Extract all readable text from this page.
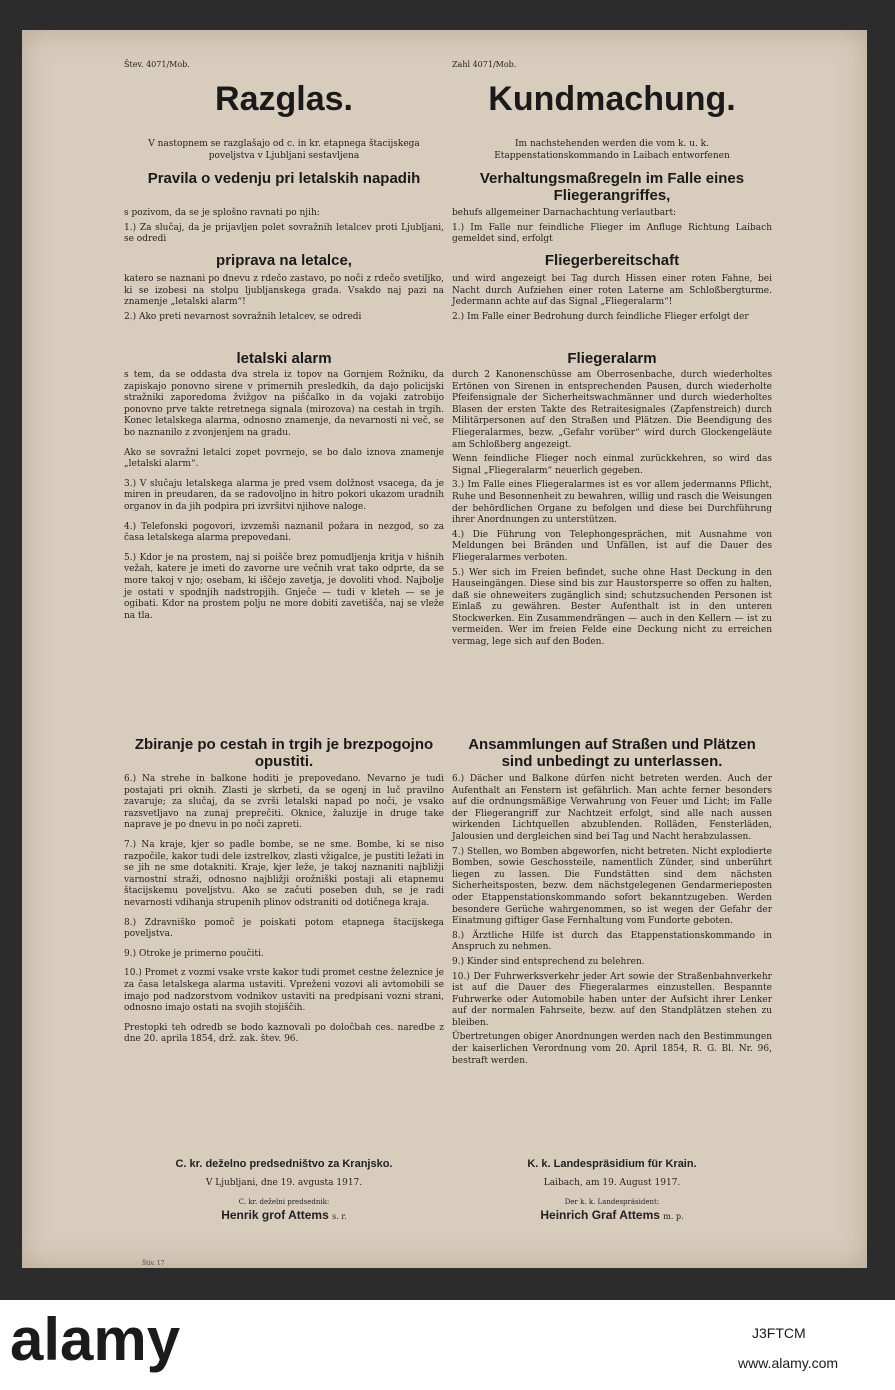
Štev. 4071/Mob.
Razglas.
V nastopnem se razglašajo od c. in kr. etapnega štacijskega poveljstva v Ljubljani sestavljena
Pravila o vedenju pri letalskih napadih

s pozivom, da se je splošno ravnati po njih:

1.) Za slučaj, da je prijavljen polet sovražnih letalcev proti Ljubljani, se odredi

priprava na letalce,

katero se naznani po dnevu z rdečo zastavo, po noči z rdečo svetiljko, ki se izobesi na stolpu ljubljanskega grada. Vsakdo naj pazi na znamenje „letalski alarm“!

2.) Ako preti nevarnost sovražnih letalcev, se odredi

letalski alarm

s tem, da se oddasta dva strela iz topov na Gornjem Rožniku, da zapiskajo ponovno sirene v primernih presledkih, da dajo policijski stražniki zaporedoma žvižgov na piščalko in da vojaki zatrobijo ponovno prve takte retretnega signala (mirozova) na cestah in trgih. Konec letalskega alarma, odnosno znamenje, da nevarnosti ni več, se bo naznanilo z zvonjenjem na gradu.

Ako se sovražni letalci zopet povrnejo, se bo dalo iznova znamenje „letalski alarm“.

3.) V slučaju letalskega alarma je pred vsem dolžnost vsacega, da je miren in preudaren, da se radovoljno in hitro pokori ukazom uradnih organov in da jih podpira pri izvršitvi njihove naloge.

4.) Telefonski pogovori, izvzemši naznanil požara in nezgod, so za časa letalskega alarma prepovedani.

5.) Kdor je na prostem, naj si poišče brez pomudljenja kritja v hišnih vežah, katere je imeti do zavorne ure večnih vrat tako odprte, da se more takoj v njo; osebam, ki iščejo zavetja, je dovoliti vhod. Najbolje je ostati v spodnjih nadstropjih. Gnječe — tudi v kleteh — se je ogibati. Kdor na prostem polju ne more dobiti zavetišča, naj se vleže na tla.

Zbiranje po cestah in trgih je brezpogojno opustiti.

6.) Na strehe in balkone hoditi je prepovedano. Nevarno je tudi postajati pri oknih. Zlasti je skrbeti, da se ogenj in luč pravilno zavaruje; za slučaj, da se zvrši letalski napad po noči, je vsako razsvetljavo na zunaj preprečiti. Oknice, žaluzije in druge take naprave je po dnevu in po noči zapreti.

7.) Na kraje, kjer so padle bombe, se ne sme. Bombe, ki se niso razpočile, kakor tudi dele izstrelkov, zlasti vžigalce, je pustiti ležati in se jih ne sme dotakniti. Kraje, kjer leže, je takoj naznaniti najbližji varnostni straži, odnosno najbližji orožniški postaji ali etapnemu štacijskemu poveljstvu. Ako se začuti poseben duh, se je radi nevarnosti vdihanja strupenih plinov odstraniti od dotičnega kraja.

8.) Zdravniško pomoč je poiskati potom etapnega štacijskega poveljstva.

9.) Otroke je primerno poučiti.

10.) Promet z vozmi vsake vrste kakor tudi promet cestne železnice je za časa letalskega alarma ustaviti. Vpreženi vozovi ali avtomobili se imajo pod nadzorstvom vodnikov ustaviti na predpisani vozni strani, odnosno imajo ostati na svojih stojiščih.

Prestopki teh odredb se bodo kaznovali po določbah ces. naredbe z dne 20. aprila 1854, drž. zak. štev. 96.

C. kr. deželno predsedništvo za Kranjsko.
V Ljubljani, dne 19. avgusta 1917.
C. kr. deželni predsednik:
Henrik grof Attems s. r.
Zahl 4071/Mob.
Kundmachung.
Im nachstehenden werden die vom k. u. k. Etappenstationskommando in Laibach entworfenen
Verhaltungsmaßregeln im Falle eines Fliegerangriffes,

behufs allgemeiner Darnachachtung verlautbart:

1.) Im Falle nur feindliche Flieger im Anfluge Richtung Laibach gemeldet sind, erfolgt

Fliegerbereitschaft

und wird angezeigt bei Tag durch Hissen einer roten Fahne, bei Nacht durch Aufziehen einer roten Laterne am Schloßbergturme. Jedermann achte auf das Signal „Fliegeralarm“!

2.) Im Falle einer Bedrohung durch feindliche Flieger erfolgt der

Fliegeralarm

durch 2 Kanonenschüsse am Oberrosenbache, durch wiederholtes Ertönen von Sirenen in entsprechenden Pausen, durch wiederholte Pfeifensignale der Sicherheitswachmänner und durch wiederholtes Blasen der ersten Takte des Retraitesignales (Zapfenstreich) durch Militärpersonen auf den Straßen und Plätzen. Die Beendigung des Fliegeralarmes, bezw. „Gefahr vorüber“ wird durch Glockengeläute am Schloßberg angezeigt.

Wenn feindliche Flieger noch einmal zurückkehren, so wird das Signal „Fliegeralarm“ neuerlich gegeben.

3.) Im Falle eines Fliegeralarmes ist es vor allem jedermanns Pflicht, Ruhe und Besonnenheit zu bewahren, willig und rasch die Weisungen der behördlichen Organe zu befolgen und diese bei Durchführung ihrer Anordnungen zu unterstützen.

4.) Die Führung von Telephongesprächen, mit Ausnahme von Meldungen bei Bränden und Unfällen, ist auf die Dauer des Fliegeralarmes verboten.

5.) Wer sich im Freien befindet, suche ohne Hast Deckung in den Hauseingängen. Diese sind bis zur Haustorsperre so offen zu halten, daß sie ohneweiters zugänglich sind; schutzsuchenden Personen ist Einlaß zu gewähren. Bester Aufenthalt ist in den unteren Stockwerken. Ein Zusammendrängen — auch in den Kellern — ist zu vermeiden. Wer im freien Felde eine Deckung nicht zu erreichen vermag, lege sich auf den Boden.

Ansammlungen auf Straßen und Plätzen sind unbedingt zu unterlassen.

6.) Dächer und Balkone dürfen nicht betreten werden. Auch der Aufenthalt an Fenstern ist gefährlich. Man achte ferner besonders auf die ordnungsmäßige Verwahrung von Feuer und Licht; im Falle der Fliegerangriff zur Nachtzeit erfolgt, sind alle nach aussen wirkenden Lichtquellen abzublenden. Rolläden, Fensterläden, Jalousien und dergleichen sind bei Tag und Nacht herabzulassen.

7.) Stellen, wo Bomben abgeworfen, nicht betreten. Nicht explodierte Bomben, sowie Geschossteile, namentlich Zünder, sind unberührt liegen zu lassen. Die Fundstätten sind dem nächsten Sicherheitsposten, bezw. dem nächstgelegenen Gendarmerieposten oder Etappenstationskommando sofort bekanntzugeben. Werden besondere Gerüche wahrgenommen, so ist wegen der Gefahr der Einatmung giftiger Gase Fernhaltung vom Fundorte geboten.

8.) Ärztliche Hilfe ist durch das Etappenstationskommando in Anspruch zu nehmen.

9.) Kinder sind entsprechend zu belehren.

10.) Der Fuhrwerksverkehr jeder Art sowie der Straßenbahnverkehr ist auf die Dauer des Fliegeralarmes einzustellen. Bespannte Fuhrwerke oder Automobile haben unter der Aufsicht ihrer Lenker auf der normalen Fahrseite, bezw. auf den Standplätzen stehen zu bleiben.

Übertretungen obiger Anordnungen werden nach den Bestimmungen der kaiserlichen Verordnung vom 20. April 1854, R. G. Bl. Nr. 96, bestraft werden.

K. k. Landespräsidium für Krain.
Laibach, am 19. August 1917.
Der k. k. Landespräsident:
Heinrich Graf Attems m. p.
Štiv. 17
alamy	J3FTCM
www.alamy.com
